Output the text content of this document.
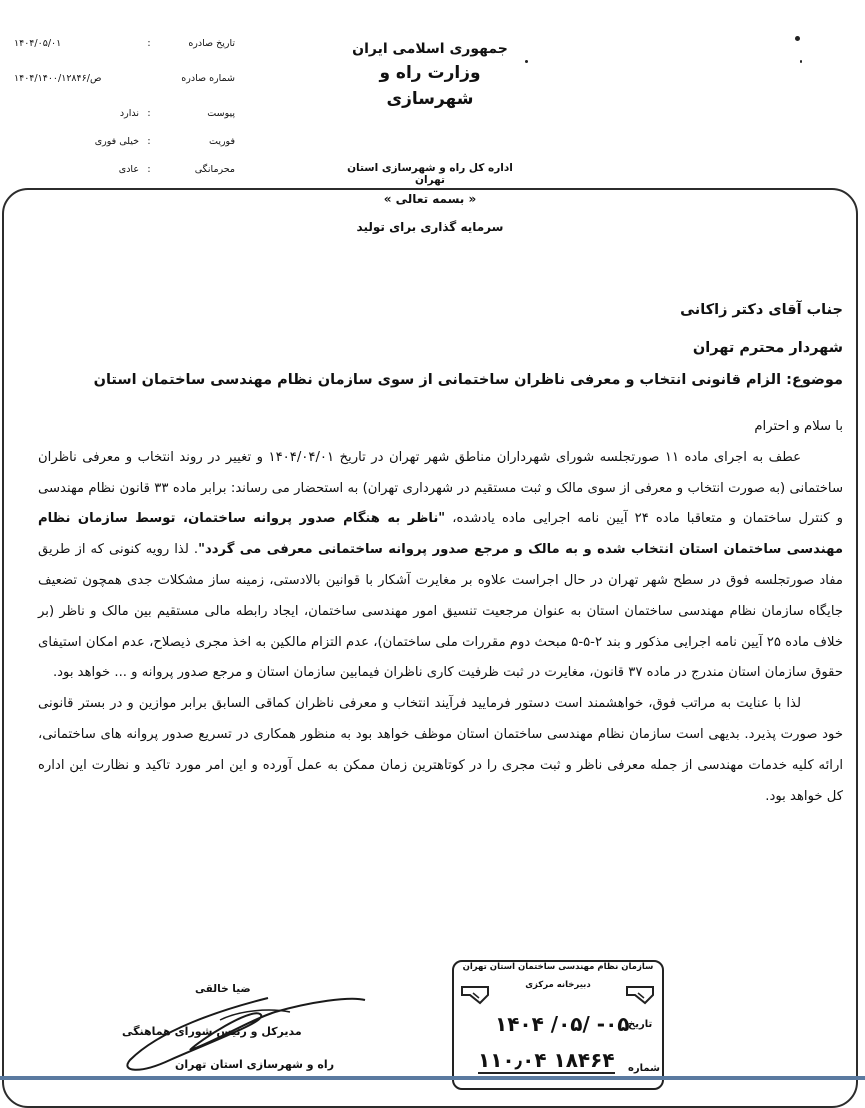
جمهوری اسلامی ایران
وزارت راه و شهرسازی
اداره کل راه و شهرسازی استان تهران
تاریخ صادره
:
۱۴۰۴/۰۵/۰۱
شماره صادره
۱۴۰۴/۱۴۰۰/۱۲۸۴۶/ص
پیوست
:
ندارد
فوریت
:
خیلی فوری
محرمانگی
:
عادی
« بسمه تعالی »
سرمایه گذاری برای تولید
جناب آقای دکتر زاکانی
شهردار محترم تهران
موضوع: الزام قانونی انتخاب و معرفی ناظران ساختمانی از سوی سازمان نظام مهندسی ساختمان استان

با سلام و احترام

عطف به اجرای ماده ۱۱ صورتجلسه شورای شهرداران مناطق شهر تهران در تاریخ ۱۴۰۴/۰۴/۰۱ و تغییر در روند انتخاب و معرفی ناظران ساختمانی (به صورت انتخاب و معرفی از سوی مالک و ثبت مستقیم در شهرداری تهران) به استحضار می رساند: برابر ماده ۳۳ قانون نظام مهندسی و کنترل ساختمان و متعاقبا ماده ۲۴ آیین نامه اجرایی ماده یادشده، "ناظر به هنگام صدور پروانه ساختمان، توسط سازمان نظام مهندسی ساختمان استان انتخاب شده و به مالک و مرجع صدور پروانه ساختمانی معرفی می گردد". لذا رویه کنونی که از طریق مفاد صورتجلسه فوق در سطح شهر تهران در حال اجراست علاوه بر مغایرت آشکار با قوانین بالادستی، زمینه ساز مشکلات جدی همچون تضعیف جایگاه سازمان نظام مهندسی ساختمان استان به عنوان مرجعیت تنسیق امور مهندسی ساختمان، ایجاد رابطه مالی مستقیم بین مالک و ناظر (بر خلاف ماده ۲۵ آیین نامه اجرایی مذکور و بند ۲-۵-۵ مبحث دوم مقررات ملی ساختمان)، عدم التزام مالکین به اخذ مجری ذیصلاح، عدم امکان استیفای حقوق سازمان استان مندرج در ماده ۳۷ قانون، مغایرت در ثبت ظرفیت کاری ناظران فیمابین سازمان استان و مرجع صدور پروانه و ... خواهد بود.

لذا با عنایت به مراتب فوق، خواهشمند است دستور فرمایید فرآیند انتخاب و معرفی ناظران کماقی السابق برابر موازین و در بستر قانونی خود صورت پذیرد. بدیهی است سازمان نظام مهندسی ساختمان استان موظف خواهد بود به منظور همکاری در تسریع صدور پروانه های ساختمانی، ارائه کلیه خدمات مهندسی از جمله معرفی ناظر و ثبت مجری را در کوتاهترین زمان ممکن به عمل آورده و این امر مورد تاکید و نظارت این اداره کل خواهد بود.

ضیا خالقی
مدیرکل و رئیس شورای هماهنگی
راه و شهرسازی استان تهران
سازمان نظام مهندسی ساختمان استان تهران
دبیرخانه مرکزی
تاریخ
۱۴۰۴ /۰۵/ -۰۵
شماره
۱۱۰٫۰۴ ۱۸۴۶۴
